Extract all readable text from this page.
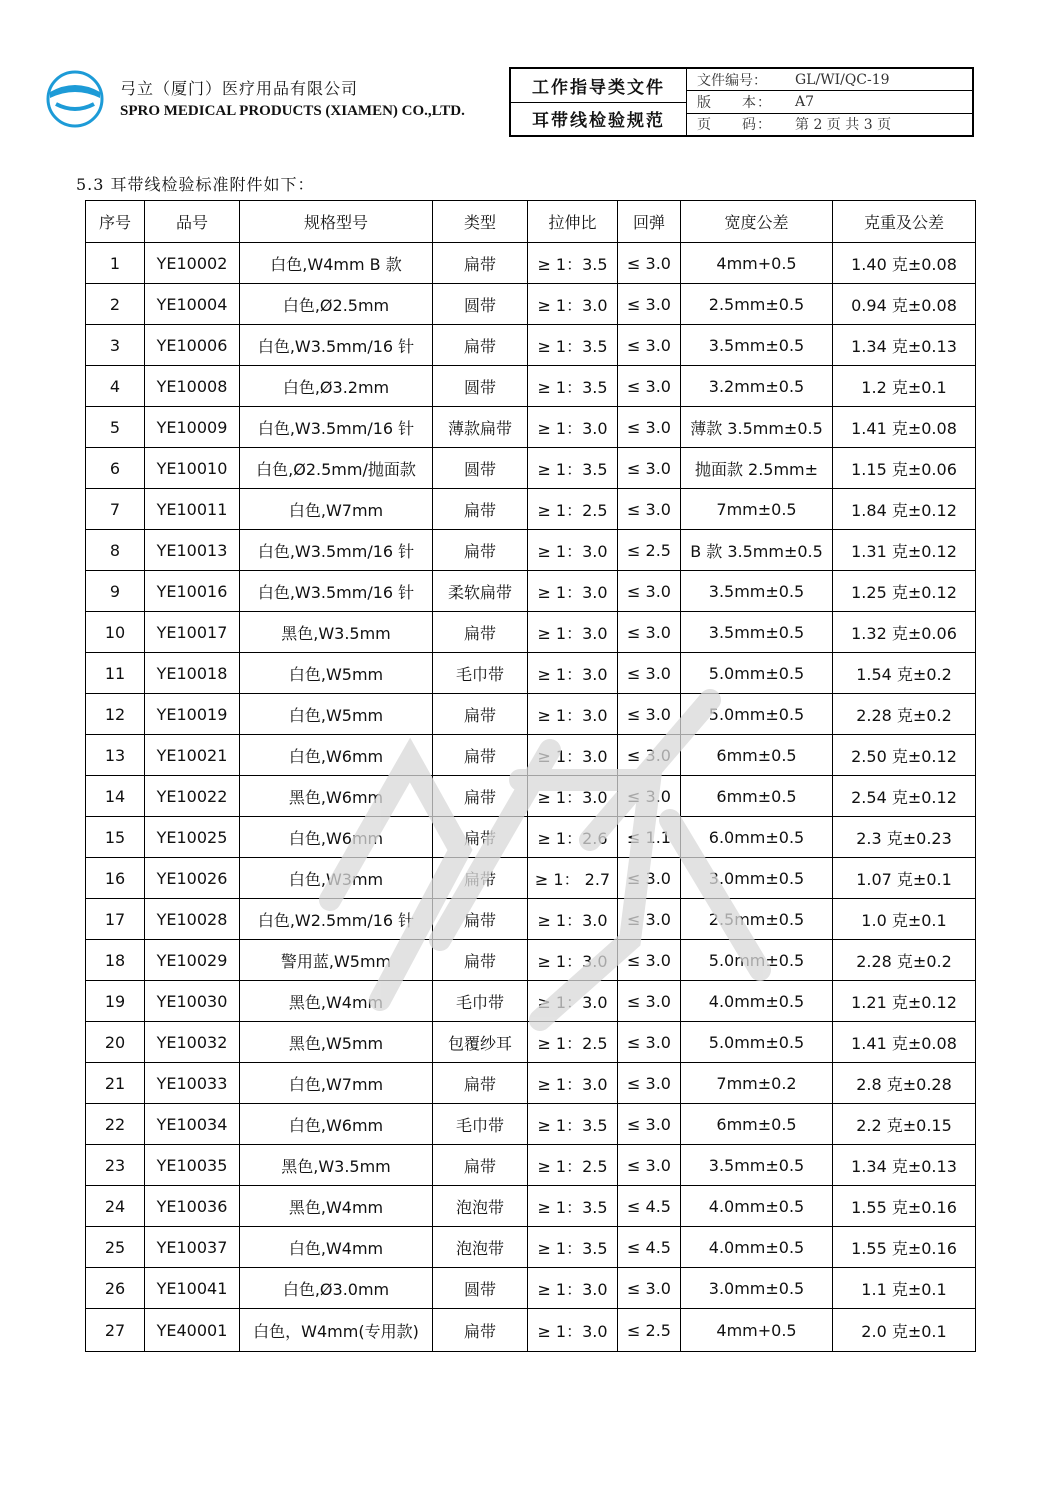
弓立（厦门）医疗用品有限公司
SPRO MEDICAL PRODUCTS (XIAMEN) CO.,LTD.
工作指导类文件
耳带线检验规范
文件编号：	GL/WI/QC-19
版　　本：	A7
页　　码：	第 2 页 共 3 页
5.3 耳带线检验标准附件如下：
序号	品号	规格型号	类型	拉伸比	回弹	宽度公差	克重及公差
1	YE10002	白色,W4mm B 款	扁带	≥ 1：3.5	≤ 3.0	4mm+0.5	1.40 克±0.08
2	YE10004	白色,Ø2.5mm	圆带	≥ 1：3.0	≤ 3.0	2.5mm±0.5	0.94 克±0.08
3	YE10006	白色,W3.5mm/16 针	扁带	≥ 1：3.5	≤ 3.0	3.5mm±0.5	1.34 克±0.13
4	YE10008	白色,Ø3.2mm	圆带	≥ 1：3.5	≤ 3.0	3.2mm±0.5	1.2 克±0.1
5	YE10009	白色,W3.5mm/16 针	薄款扁带	≥ 1：3.0	≤ 3.0	薄款 3.5mm±0.5	1.41 克±0.08
6	YE10010	白色,Ø2.5mm/抛面款	圆带	≥ 1：3.5	≤ 3.0	抛面款 2.5mm±	1.15 克±0.06
7	YE10011	白色,W7mm	扁带	≥ 1：2.5	≤ 3.0	7mm±0.5	1.84 克±0.12
8	YE10013	白色,W3.5mm/16 针	扁带	≥ 1：3.0	≤ 2.5	B 款 3.5mm±0.5	1.31 克±0.12
9	YE10016	白色,W3.5mm/16 针	柔软扁带	≥ 1：3.0	≤ 3.0	3.5mm±0.5	1.25 克±0.12
10	YE10017	黑色,W3.5mm	扁带	≥ 1：3.0	≤ 3.0	3.5mm±0.5	1.32 克±0.06
11	YE10018	白色,W5mm	毛巾带	≥ 1：3.0	≤ 3.0	5.0mm±0.5	1.54 克±0.2
12	YE10019	白色,W5mm	扁带	≥ 1：3.0	≤ 3.0	5.0mm±0.5	2.28 克±0.2
13	YE10021	白色,W6mm	扁带	≥ 1：3.0	≤ 3.0	6mm±0.5	2.50 克±0.12
14	YE10022	黑色,W6mm	扁带	≥ 1：3.0	≤ 3.0	6mm±0.5	2.54 克±0.12
15	YE10025	白色,W6mm	扁带	≥ 1：2.6	≤ 1.1	6.0mm±0.5	2.3 克±0.23
16	YE10026	白色,W3mm	扁带	≥ 1： 2.7	≤ 3.0	3.0mm±0.5	1.07 克±0.1
17	YE10028	白色,W2.5mm/16 针	扁带	≥ 1：3.0	≤ 3.0	2.5mm±0.5	1.0 克±0.1
18	YE10029	警用蓝,W5mm	扁带	≥ 1：3.0	≤ 3.0	5.0mm±0.5	2.28 克±0.2
19	YE10030	黑色,W4mm	毛巾带	≥ 1：3.0	≤ 3.0	4.0mm±0.5	1.21 克±0.12
20	YE10032	黑色,W5mm	包覆纱耳	≥ 1：2.5	≤ 3.0	5.0mm±0.5	1.41 克±0.08
21	YE10033	白色,W7mm	扁带	≥ 1：3.0	≤ 3.0	7mm±0.2	2.8 克±0.28
22	YE10034	白色,W6mm	毛巾带	≥ 1：3.5	≤ 3.0	6mm±0.5	2.2 克±0.15
23	YE10035	黑色,W3.5mm	扁带	≥ 1：2.5	≤ 3.0	3.5mm±0.5	1.34 克±0.13
24	YE10036	黑色,W4mm	泡泡带	≥ 1：3.5	≤ 4.5	4.0mm±0.5	1.55 克±0.16
25	YE10037	白色,W4mm	泡泡带	≥ 1：3.5	≤ 4.5	4.0mm±0.5	1.55 克±0.16
26	YE10041	白色,Ø3.0mm	圆带	≥ 1：3.0	≤ 3.0	3.0mm±0.5	1.1 克±0.1
27	YE40001	白色，W4mm(专用款)	扁带	≥ 1：3.0	≤ 2.5	4mm+0.5	2.0 克±0.1
